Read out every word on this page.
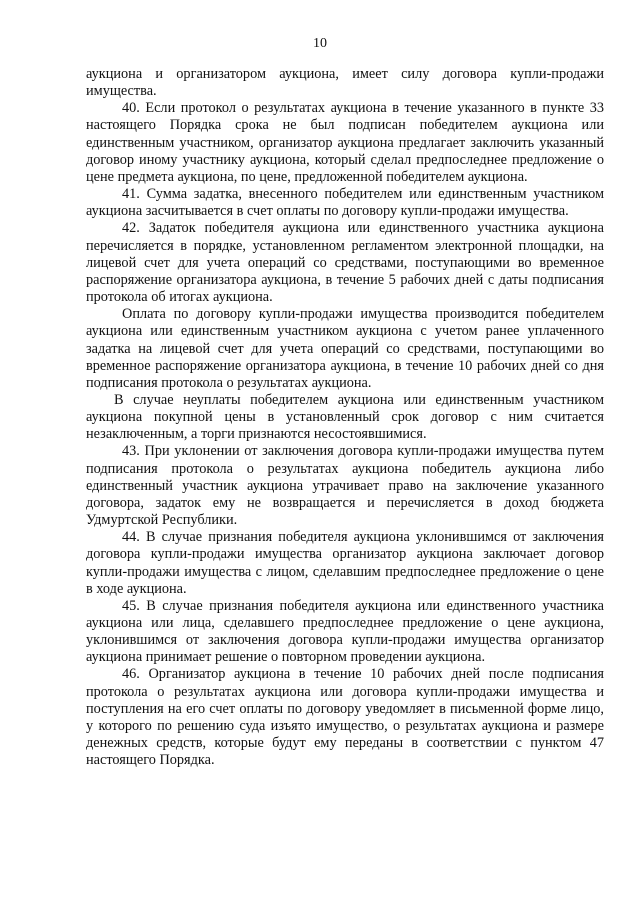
10

аукциона и организатором аукциона, имеет силу договора купли-продажи имущества.

40. Если протокол о результатах аукциона в течение указанного в пункте 33 настоящего Порядка срока не был подписан победителем аукциона или единственным участником, организатор аукциона предлагает заключить указанный договор иному участнику аукциона, который сделал предпоследнее предложение о цене предмета аукциона, по цене, предложенной победителем аукциона.

41. Сумма задатка, внесенного победителем или единственным участником аукциона засчитывается в счет оплаты по договору купли-продажи имущества.

42. Задаток победителя аукциона или единственного участника аукциона перечисляется в порядке, установленном регламентом электронной площадки, на лицевой счет для учета операций со средствами, поступающими во временное распоряжение организатора аукциона, в течение 5 рабочих дней с даты подписания протокола об итогах аукциона.

Оплата по договору купли-продажи имущества производится победителем аукциона или единственным участником аукциона с учетом ранее уплаченного задатка на лицевой счет для учета операций со средствами, поступающими во временное распоряжение организатора аукциона, в течение 10 рабочих дней со дня подписания протокола о результатах аукциона.

В случае неуплаты победителем аукциона или единственным участником аукциона покупной цены в установленный срок договор с ним считается незаключенным, а торги признаются несостоявшимися.

43. При уклонении от заключения договора купли-продажи имущества путем подписания протокола о результатах аукциона победитель аукциона либо единственный участник аукциона утрачивает право на заключение указанного договора, задаток ему не возвращается и перечисляется в доход бюджета Удмуртской Республики.

44. В случае признания победителя аукциона уклонившимся от заключения договора купли-продажи имущества организатор аукциона заключает договор купли-продажи имущества с лицом, сделавшим предпоследнее предложение о цене в ходе аукциона.

45. В случае признания победителя аукциона или единственного участника аукциона или лица, сделавшего предпоследнее предложение о цене аукциона, уклонившимся от заключения договора купли-продажи имущества организатор аукциона принимает решение о повторном проведении аукциона.

46. Организатор аукциона в течение 10 рабочих дней после подписания протокола о результатах аукциона или договора купли-продажи имущества и поступления на его счет оплаты по договору уведомляет в письменной форме лицо, у которого по решению суда изъято имущество, о результатах аукциона и размере денежных средств, которые будут ему переданы в соответствии с пунктом 47 настоящего Порядка.
